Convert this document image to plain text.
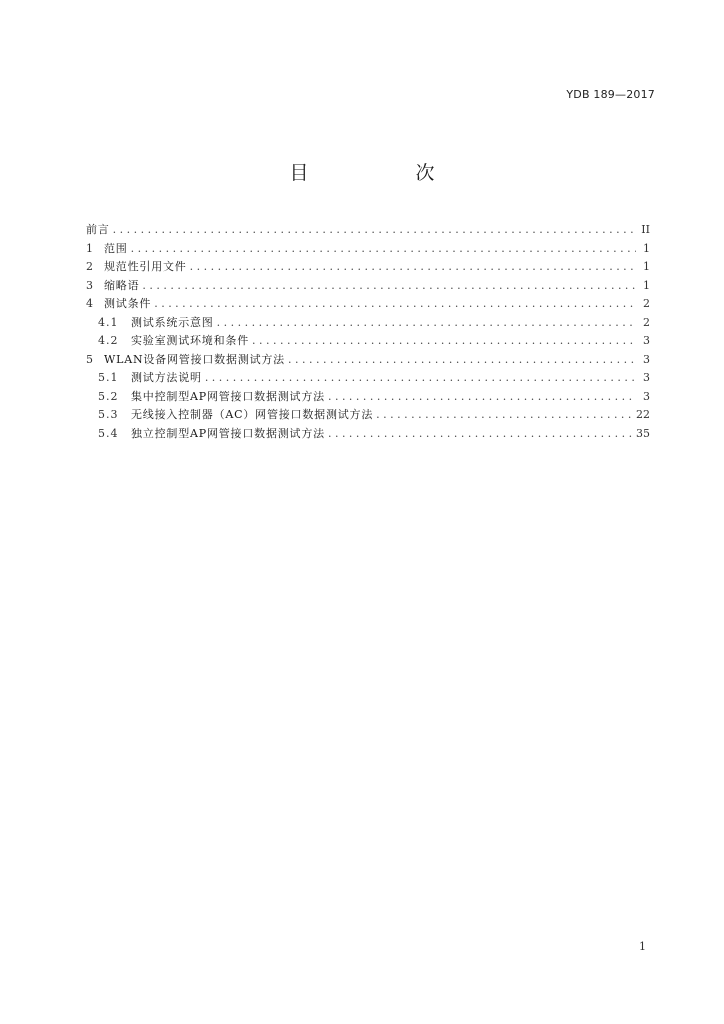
YDB 189—2017
目　次
前言 . . .	II
1	范围 . . .	1
2	规范性引用文件 . . .	1
3	缩略语 . . .	1
4	测试条件 . . .	2
4.1	测试系统示意图 . . .	2
4.2	实验室测试环境和条件 . . .	3
5	WLAN设备网管接口数据测试方法 . . .	3
5.1	测试方法说明 . . .	3
5.2	集中控制型AP网管接口数据测试方法 . . .	3
5.3	无线接入控制器（AC）网管接口数据测试方法 . . .	22
5.4	独立控制型AP网管接口数据测试方法 . . .	35
1
